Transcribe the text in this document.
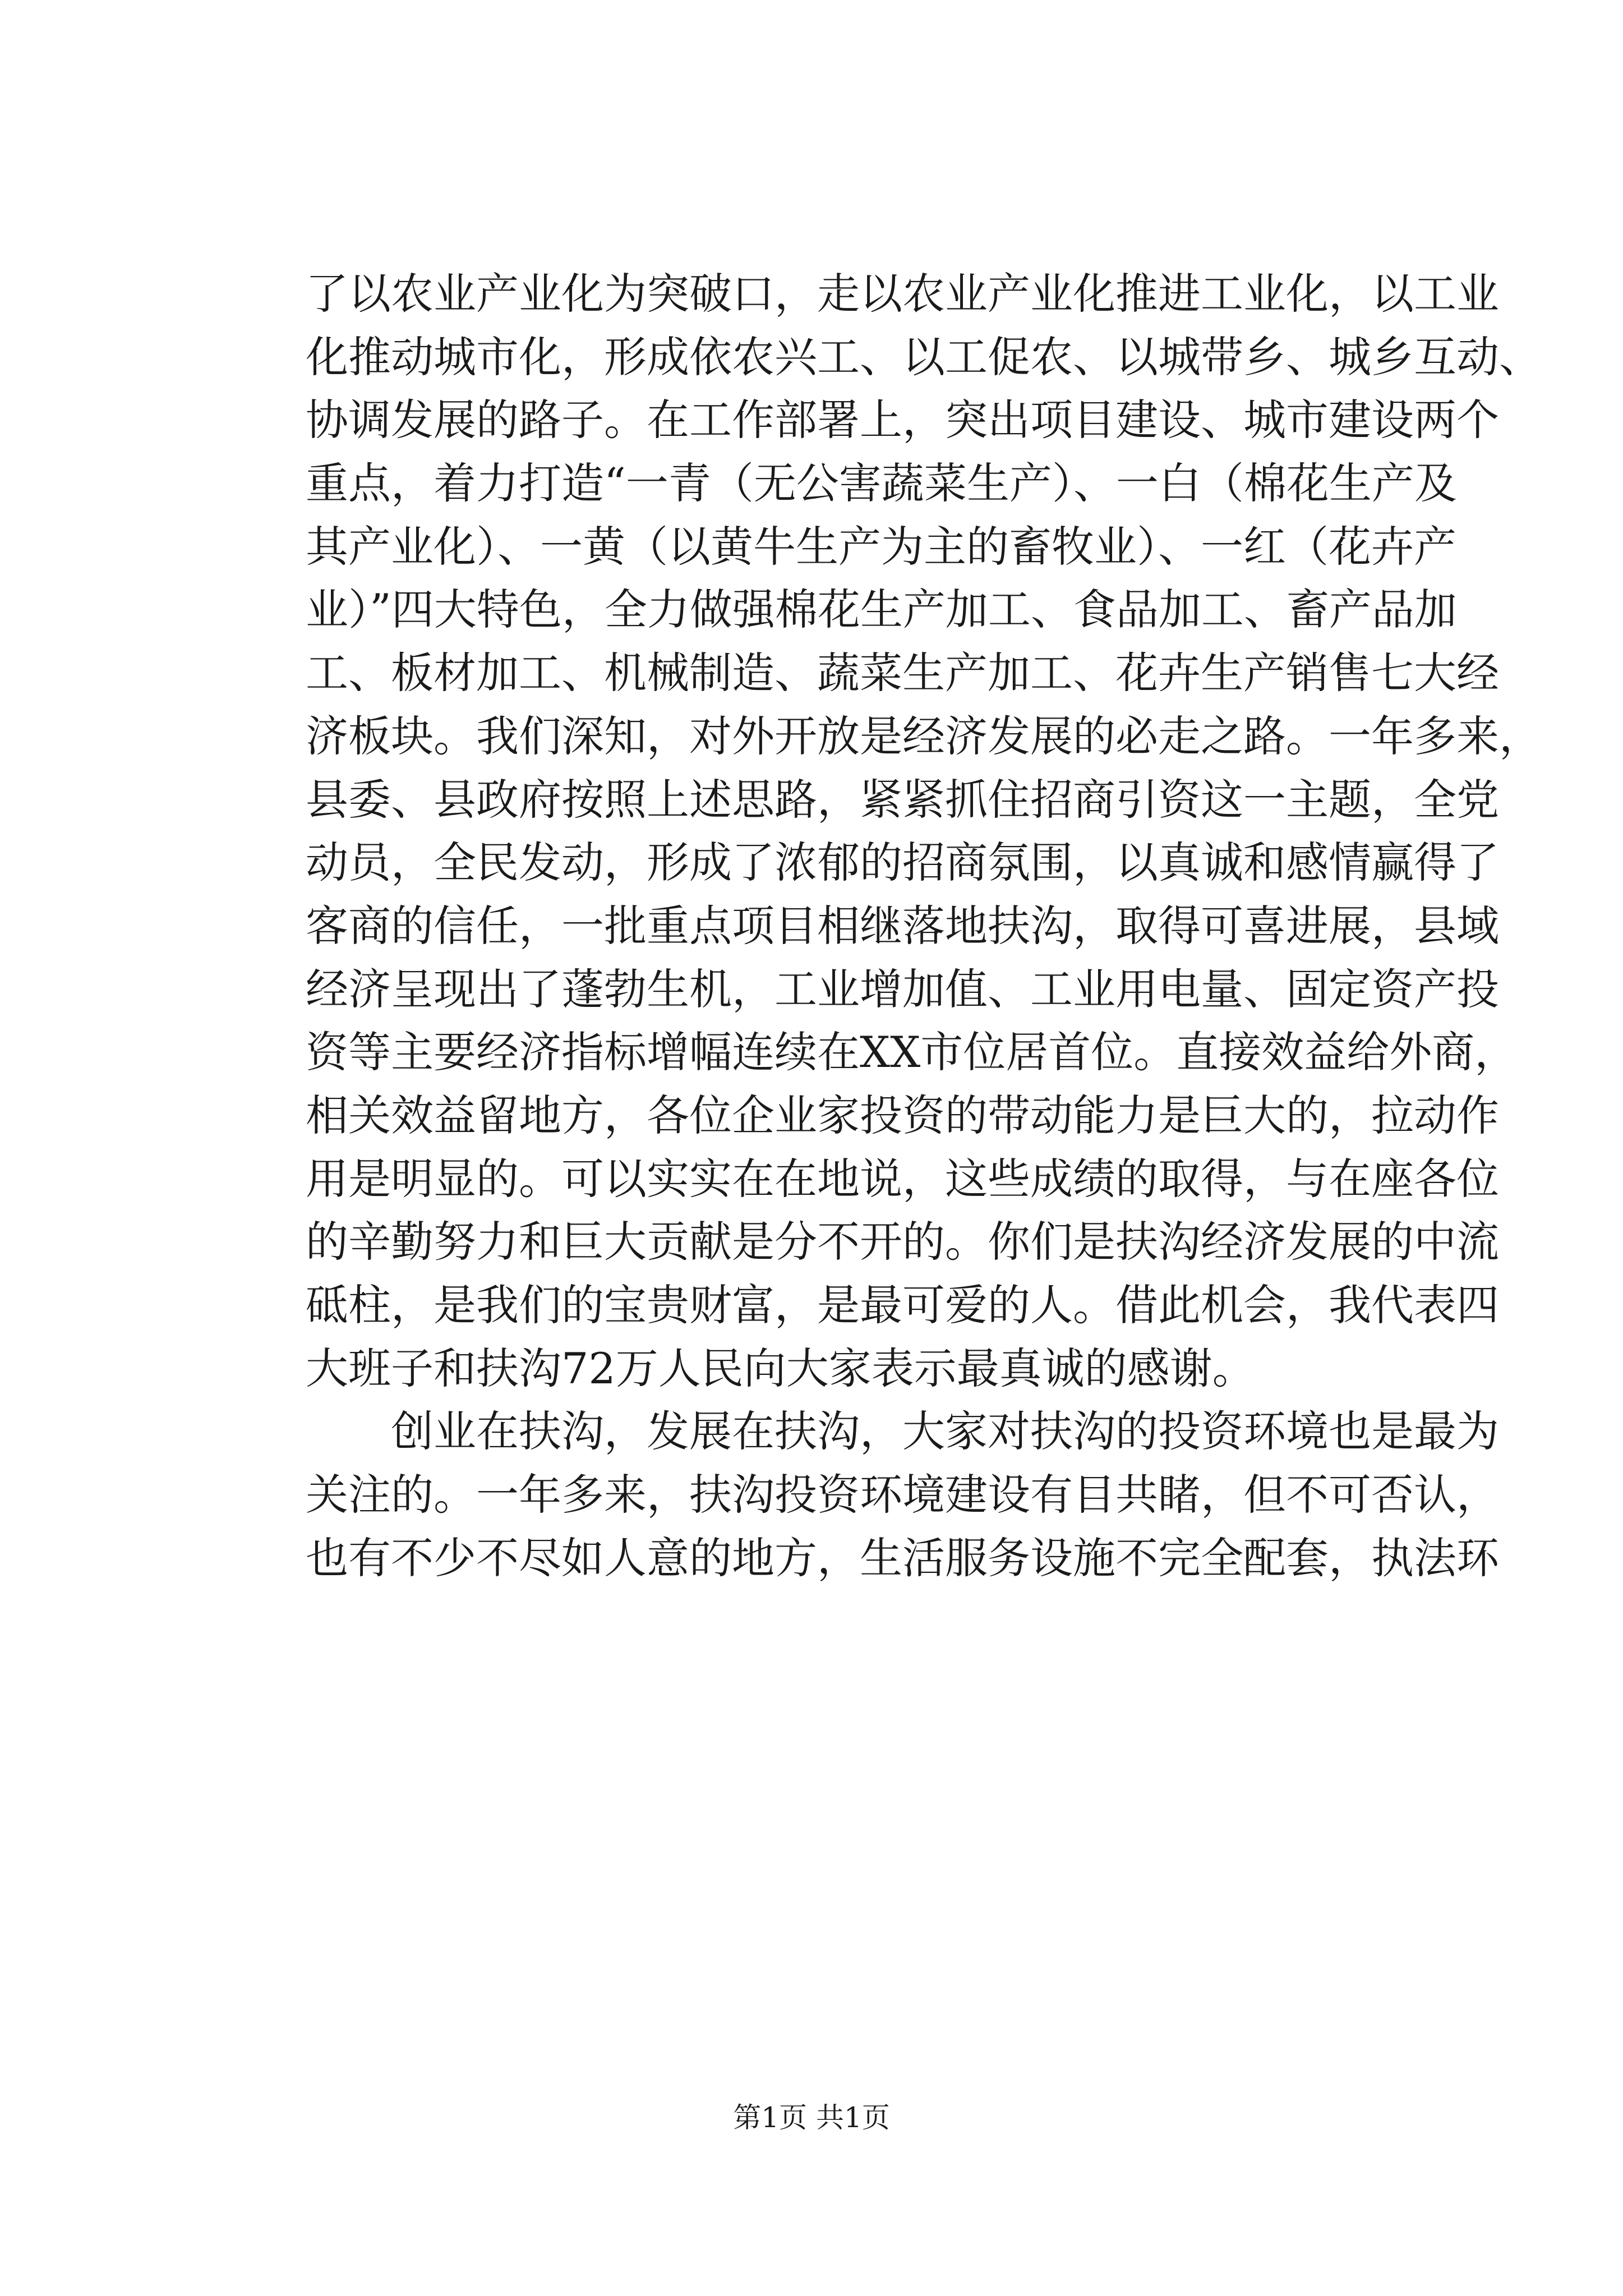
了以农业产业化为突破口，走以农业产业化推进工业化，以工业
化推动城市化，形成依农兴工、以工促农、以城带乡、城乡互动、
协调发展的路子。在工作部署上，突出项目建设、城市建设两个
重点，着力打造“一青（无公害蔬菜生产）、一白（棉花生产及
其产业化）、一黄（以黄牛生产为主的畜牧业）、一红（花卉产
业）”四大特色，全力做强棉花生产加工、食品加工、畜产品加
工、板材加工、机械制造、蔬菜生产加工、花卉生产销售七大经
济板块。我们深知，对外开放是经济发展的必走之路。一年多来，
县委、县政府按照上述思路，紧紧抓住招商引资这一主题，全党
动员，全民发动，形成了浓郁的招商氛围，以真诚和感情赢得了
客商的信任，一批重点项目相继落地扶沟，取得可喜进展，县域
经济呈现出了蓬勃生机，工业增加值、工业用电量、固定资产投
资等主要经济指标增幅连续在XX市位居首位。直接效益给外商，
相关效益留地方，各位企业家投资的带动能力是巨大的，拉动作
用是明显的。可以实实在在地说，这些成绩的取得，与在座各位
的辛勤努力和巨大贡献是分不开的。你们是扶沟经济发展的中流
砥柱，是我们的宝贵财富，是最可爱的人。借此机会，我代表四
大班子和扶沟72万人民向大家表示最真诚的感谢。
　　创业在扶沟，发展在扶沟，大家对扶沟的投资环境也是最为
关注的。一年多来，扶沟投资环境建设有目共睹，但不可否认，
也有不少不尽如人意的地方，生活服务设施不完全配套，执法环
第1页 共1页
